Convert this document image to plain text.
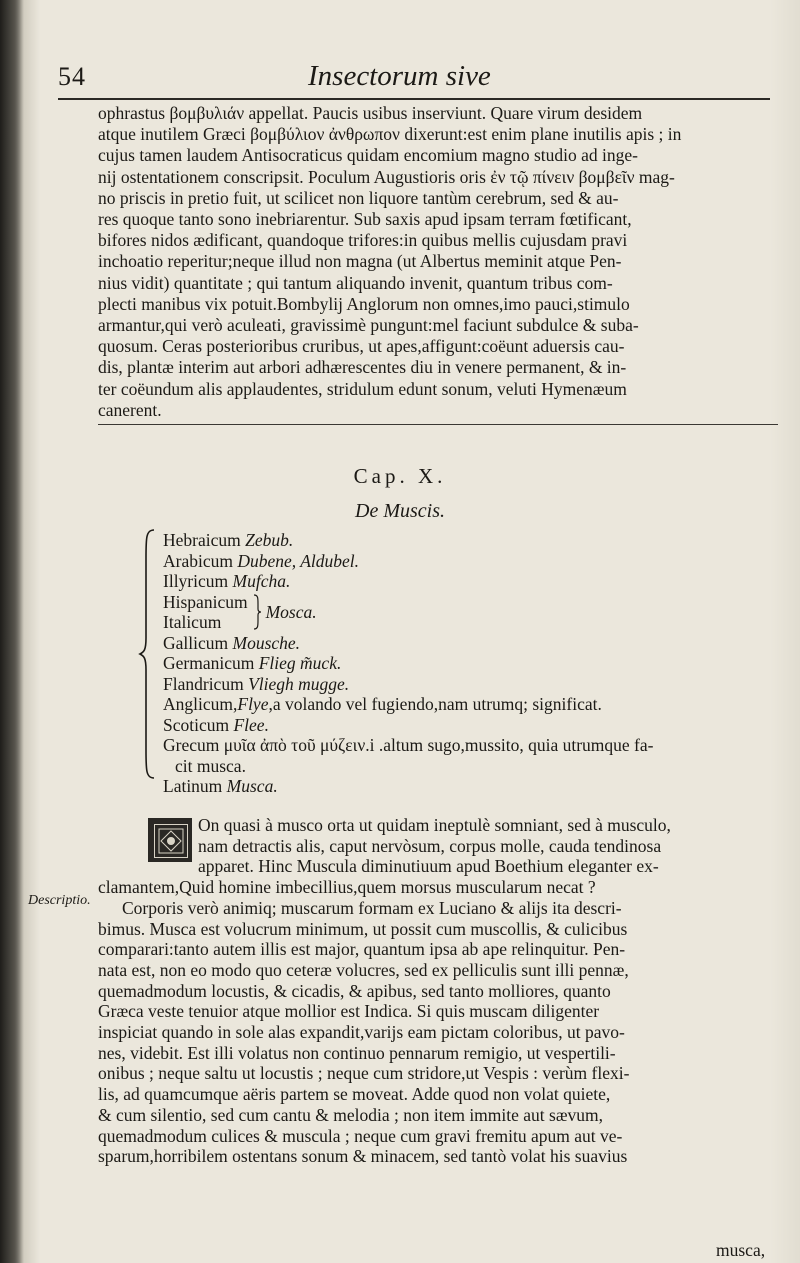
54	Insectorum sive

ophrastus βομβυλιάν appellat. Paucis usibus inserviunt. Quare virum desidem

atque inutilem Græci βομβύλιον ἀνθρωπον dixerunt:est enim plane inutilis apis ; in

cujus tamen laudem Antisocraticus quidam encomium magno studio ad inge-

nij ostentationem conscripsit. Poculum Augustioris oris ἐν τῷ πίνειν βομβεῖν mag-

no priscis in pretio fuit, ut scilicet non liquore tantùm cerebrum, sed & au-

res quoque tanto sono inebriarentur. Sub saxis apud ipsam terram fœtificant,

bifores nidos ædificant, quandoque trifores:in quibus mellis cujusdam pravi

inchoatio reperitur;neque illud non magna (ut Albertus meminit atque Pen-

nius vidit) quantitate ; qui tantum aliquando invenit, quantum tribus com-

plecti manibus vix potuit.Bombylij Anglorum non omnes,imo pauci,stimulo

armantur,qui verò aculeati, gravissimè pungunt:mel faciunt subdulce & suba-

quosum. Ceras posterioribus cruribus, ut apes,affigunt:coëunt aduersis cau-

dis, plantæ interim aut arbori adhærescentes diu in venere permanent, & in-

ter coëundum alis applaudentes, stridulum edunt sonum, veluti Hymenæum

canerent.

Cap. X.
De Muscis.
Hebraicum Zebub.
Arabicum Dubene, Aldubel.
Illyricum Mufcha.
Hispanicum
Italicum
Mosca.
Gallicum Mousche.
Germanicum Flieg m̃uck.
Flandricum Vliegh mugge.
Anglicum,Flye,a volando vel fugiendo,nam utrumq; significat.
Scoticum Flee.
Grecum μυῖα ἀπὸ τοῦ μύζειν.i .altum sugo,mussito, quia utrumque fa-
cit musca.
Latinum Musca.

On quasi à musco orta ut quidam ineptulè somniant, sed à musculo,

nam detractis alis, caput nervòsum, corpus molle, cauda tendinosa

apparet. Hinc Muscula diminutiuum apud Boethium eleganter ex-

clamantem,Quid homine imbecillius,quem morsus muscularum necat ?

Corporis verò animiq; muscarum formam ex Luciano & alijs ita descri-

bimus. Musca est volucrum minimum, ut possit cum muscollis, & culicibus

comparari:tanto autem illis est major, quantum ipsa ab ape relinquitur. Pen-

nata est, non eo modo quo ceteræ volucres, sed ex pelliculis sunt illi pennæ,

quemadmodum locustis, & cicadis, & apibus, sed tanto molliores, quanto

Græca veste tenuior atque mollior est Indica. Si quis muscam diligenter

inspiciat quando in sole alas expandit,varijs eam pictam coloribus, ut pavo-

nes, videbit. Est illi volatus non continuo pennarum remigio, ut vespertili-

onibus ; neque saltu ut locustis ; neque cum stridore,ut Vespis : verùm flexi-

lis, ad quamcumque aëris partem se moveat. Adde quod non volat quiete,

& cum silentio, sed cum cantu & melodia ; non item immite aut sævum,

quemadmodum culices & muscula ; neque cum gravi fremitu apum aut ve-

sparum,horribilem ostentans sonum & minacem, sed tantò volat his suavius

Descriptio.
musca,
